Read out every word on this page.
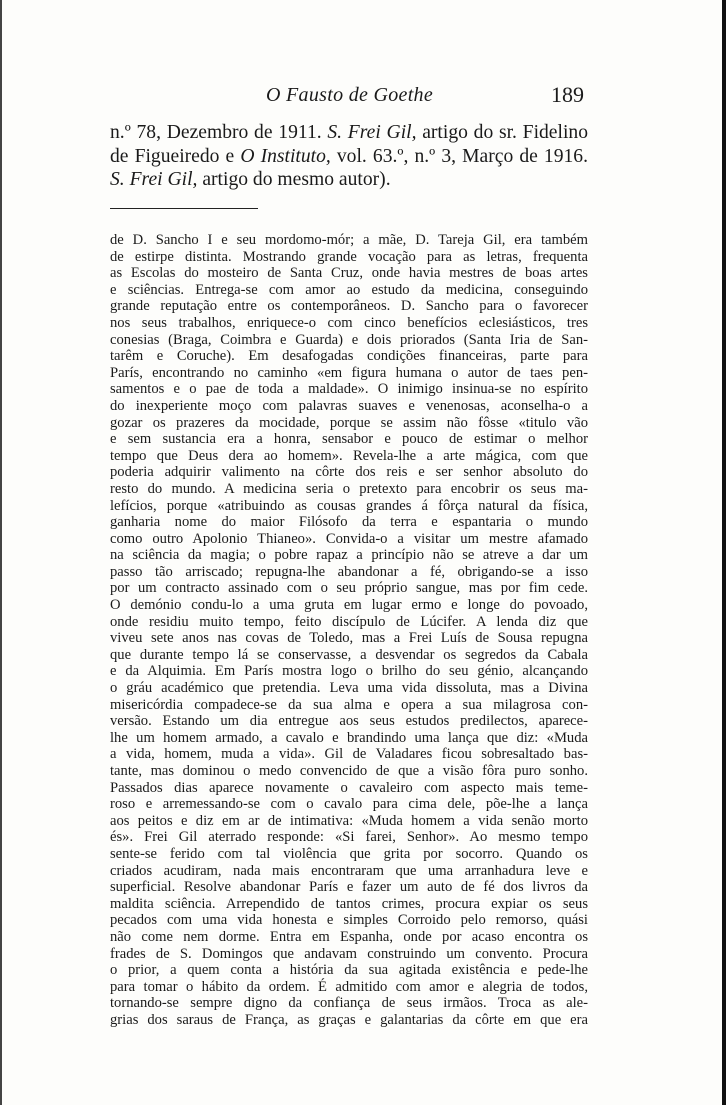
O Fausto de Goethe	189
n.º 78, Dezembro de 1911. S. Frei Gil, artigo do sr. Fidelino de Figueiredo e O Instituto, vol. 63.º, n.º 3, Março de 1916. S. Frei Gil, artigo do mesmo autor).
de D. Sancho I e seu mordomo-mór; a mãe, D. Tareja Gil, era também
de estirpe distinta. Mostrando grande vocação para as letras, frequenta
as Escolas do mosteiro de Santa Cruz, onde havia mestres de boas artes
e sciências. Entrega-se com amor ao estudo da medicina, conseguindo
grande reputação entre os contemporâneos. D. Sancho para o favorecer
nos seus trabalhos, enriquece-o com cinco benefícios eclesiásticos, tres
conesias (Braga, Coimbra e Guarda) e dois priorados (Santa Iria de San-
tarêm e Coruche). Em desafogadas condições financeiras, parte para
París, encontrando no caminho «em figura humana o autor de taes pen-
samentos e o pae de toda a maldade». O inimigo insinua-se no espírito
do inexperiente moço com palavras suaves e venenosas, aconselha-o a
gozar os prazeres da mocidade, porque se assim não fôsse «titulo vão
e sem sustancia era a honra, sensabor e pouco de estimar o melhor
tempo que Deus dera ao homem». Revela-lhe a arte mágica, com que
poderia adquirir valimento na côrte dos reis e ser senhor absoluto do
resto do mundo. A medicina seria o pretexto para encobrir os seus ma-
lefícios, porque «atribuindo as cousas grandes á fôrça natural da física,
ganharia nome do maior Filósofo da terra e espantaria o mundo
como outro Apolonio Thianeo». Convida-o a visitar um mestre afamado
na sciência da magia; o pobre rapaz a princípio não se atreve a dar um
passo tão arriscado; repugna-lhe abandonar a fé, obrigando-se a isso
por um contracto assinado com o seu próprio sangue, mas por fim cede.
O demónio condu-lo a uma gruta em lugar ermo e longe do povoado,
onde residiu muito tempo, feito discípulo de Lúcifer. A lenda diz que
viveu sete anos nas covas de Toledo, mas a Frei Luís de Sousa repugna
que durante tempo lá se conservasse, a desvendar os segredos da Cabala
e da Alquimia. Em París mostra logo o brilho do seu génio, alcançando
o gráu académico que pretendia. Leva uma vida dissoluta, mas a Divina
misericórdia compadece-se da sua alma e opera a sua milagrosa con-
versão. Estando um dia entregue aos seus estudos predilectos, aparece-
lhe um homem armado, a cavalo e brandindo uma lança que diz: «Muda
a vida, homem, muda a vida». Gil de Valadares ficou sobresaltado bas-
tante, mas dominou o medo convencido de que a visão fôra puro sonho.
Passados dias aparece novamente o cavaleiro com aspecto mais teme-
roso e arremessando-se com o cavalo para cima dele, põe-lhe a lança
aos peitos e diz em ar de intimativa: «Muda homem a vida senão morto
és». Frei Gil aterrado responde: «Si farei, Senhor». Ao mesmo tempo
sente-se ferido com tal violência que grita por socorro. Quando os
criados acudiram, nada mais encontraram que uma arranhadura leve e
superficial. Resolve abandonar París e fazer um auto de fé dos livros da
maldita sciência. Arrependido de tantos crimes, procura expiar os seus
pecados com uma vida honesta e simples Corroido pelo remorso, quási
não come nem dorme. Entra em Espanha, onde por acaso encontra os
frades de S. Domingos que andavam construindo um convento. Procura
o prior, a quem conta a história da sua agitada existência e pede-lhe
para tomar o hábito da ordem. É admitido com amor e alegria de todos,
tornando-se sempre digno da confiança de seus irmãos. Troca as ale-
grias dos saraus de França, as graças e galantarias da côrte em que era
